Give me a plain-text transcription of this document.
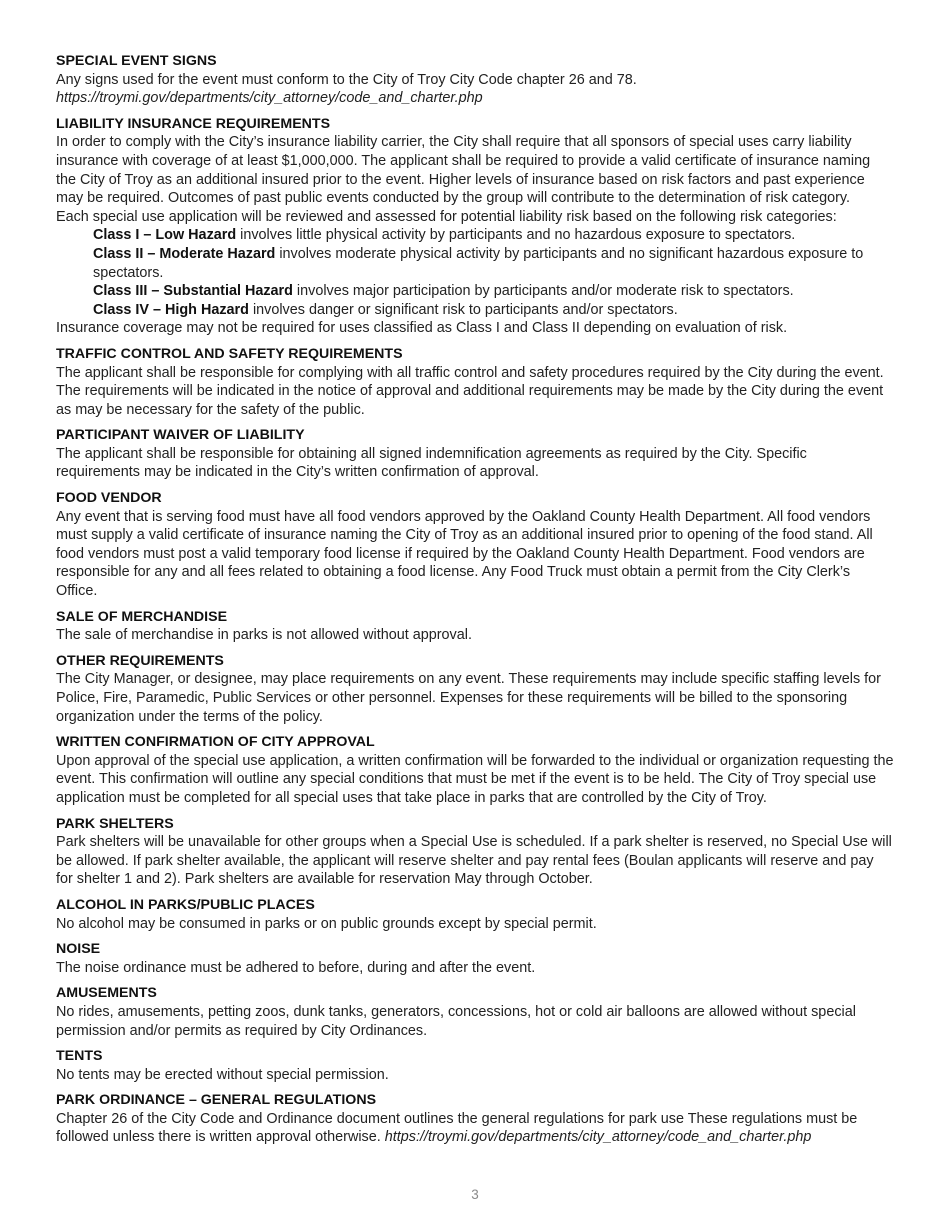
SPECIAL EVENT SIGNS

Any signs used for the event must conform to the City of Troy City Code chapter 26 and 78.

https://troymi.gov/departments/city_attorney/code_and_charter.php

LIABILITY INSURANCE REQUIREMENTS

In order to comply with the City’s insurance liability carrier, the City shall require that all sponsors of special uses carry liability insurance with coverage of at least $1,000,000. The applicant shall be required to provide a valid certificate of insurance naming the City of Troy as an additional insured prior to the event. Higher levels of insurance based on risk factors and past experience may be required. Outcomes of past public events conducted by the group will contribute to the determination of risk category.

Each special use application will be reviewed and assessed for potential liability risk based on the following risk categories:

Class I – Low Hazard involves little physical activity by participants and no hazardous exposure to spectators.

Class II – Moderate Hazard involves moderate physical activity by participants and no significant hazardous exposure to spectators.

Class III – Substantial Hazard involves major participation by participants and/or moderate risk to spectators.

Class IV – High Hazard involves danger or significant risk to participants and/or spectators.

Insurance coverage may not be required for uses classified as Class I and Class II depending on evaluation of risk.

TRAFFIC CONTROL AND SAFETY REQUIREMENTS

The applicant shall be responsible for complying with all traffic control and safety procedures required by the City during the event. The requirements will be indicated in the notice of approval and additional requirements may be made by the City during the event as may be necessary for the safety of the public.

PARTICIPANT WAIVER OF LIABILITY

The applicant shall be responsible for obtaining all signed indemnification agreements as required by the City. Specific requirements may be indicated in the City’s written confirmation of approval.

FOOD VENDOR

Any event that is serving food must have all food vendors approved by the Oakland County Health Department. All food vendors must supply a valid certificate of insurance naming the City of Troy as an additional insured prior to opening of the food stand. All food vendors must post a valid temporary food license if required by the Oakland County Health Department. Food vendors are responsible for any and all fees related to obtaining a food license. Any Food Truck must obtain a permit from the City Clerk’s Office.

SALE OF MERCHANDISE

The sale of merchandise in parks is not allowed without approval.

OTHER REQUIREMENTS

The City Manager, or designee, may place requirements on any event. These requirements may include specific staffing levels for Police, Fire, Paramedic, Public Services or other personnel. Expenses for these requirements will be billed to the sponsoring organization under the terms of the policy.

WRITTEN CONFIRMATION OF CITY APPROVAL

Upon approval of the special use application, a written confirmation will be forwarded to the individual or organization requesting the event. This confirmation will outline any special conditions that must be met if the event is to be held. The City of Troy special use application must be completed for all special uses that take place in parks that are controlled by the City of Troy.

PARK SHELTERS

Park shelters will be unavailable for other groups when a Special Use is scheduled. If a park shelter is reserved, no Special Use will be allowed. If park shelter available, the applicant will reserve shelter and pay rental fees (Boulan applicants will reserve and pay for shelter 1 and 2). Park shelters are available for reservation May through October.

ALCOHOL IN PARKS/PUBLIC PLACES

No alcohol may be consumed in parks or on public grounds except by special permit.

NOISE

The noise ordinance must be adhered to before, during and after the event.

AMUSEMENTS

No rides, amusements, petting zoos, dunk tanks, generators, concessions, hot or cold air balloons are allowed without special permission and/or permits as required by City Ordinances.

TENTS

No tents may be erected without special permission.

PARK ORDINANCE – GENERAL REGULATIONS

Chapter 26 of the City Code and Ordinance document outlines the general regulations for park use These regulations must be followed unless there is written approval otherwise. https://troymi.gov/departments/city_attorney/code_and_charter.php

3
